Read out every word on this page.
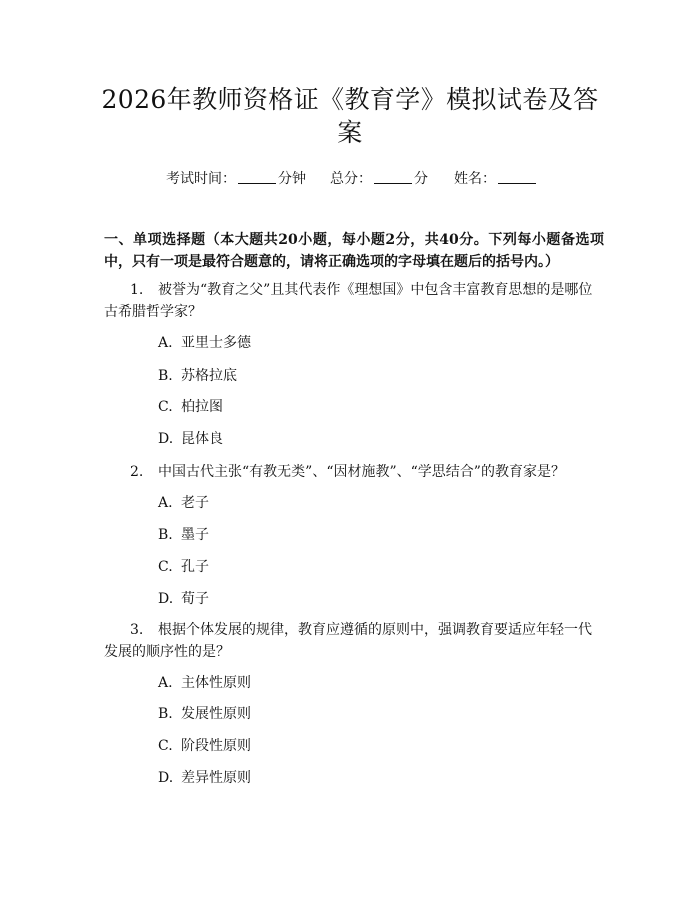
2026年教师资格证《教育学》模拟试卷及答案
考试时间：	分钟 总分：	分 姓名：
一、单项选择题（本大题共20小题，每小题2分，共40分。下列每小题备选项中，只有一项是最符合题意的，请将正确选项的字母填在题后的括号内。）
1. 被誉为“教育之父”且其代表作《理想国》中包含丰富教育思想的是哪位古希腊哲学家？
A. 亚里士多德
B. 苏格拉底
C. 柏拉图
D. 昆体良
2. 中国古代主张“有教无类”、“因材施教”、“学思结合”的教育家是？
A. 老子
B. 墨子
C. 孔子
D. 荀子
3. 根据个体发展的规律，教育应遵循的原则中，强调教育要适应年轻一代发展的顺序性的是？
A. 主体性原则
B. 发展性原则
C. 阶段性原则
D. 差异性原则
